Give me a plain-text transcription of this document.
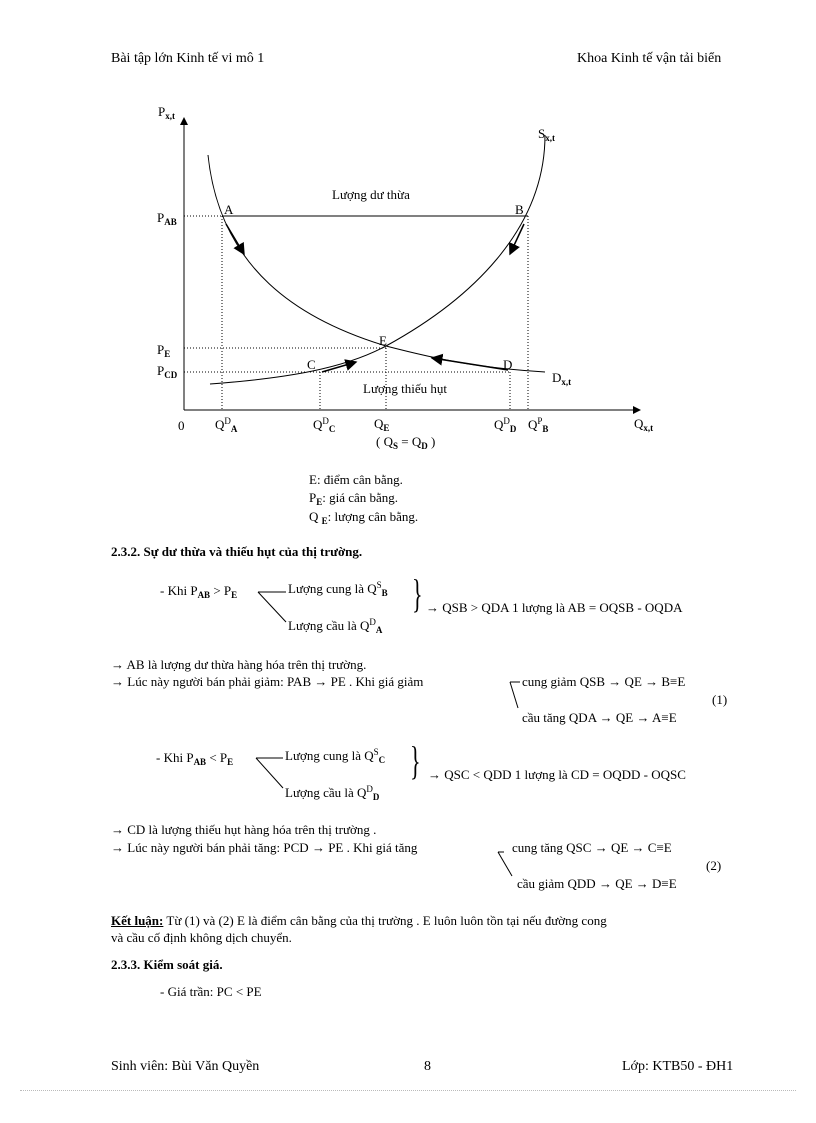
Bài tập lớn Kinh tế vi mô 1	Khoa Kinh tế vận tải biển
$P_{x,t}$
$S_{x,t}$
$D_{x,t}$
$Q_{x,t}$
0
Lượng dư thừa
Lượng thiếu hụt
A	B
E
C	D
$P_{AB}$
$P_E$
$P_{CD}$
$Q^D_A$	$Q^D_C$	$Q_E$	$Q^D_D$ $Q^P_B$
( $Q_S = Q_D$ )
E: điểm cân bằng.
$P_E$: giá cân bằng.
Q $_E$: lượng cân bằng.
2.3.2. Sự dư thừa và thiếu hụt của thị trường.
- Khi $P_{AB} > P_E$	Lượng cung là $Q^S_B$
Lượng cầu là $Q^D_A$
} → QSB > QDA 1 lượng là AB = OQSB - OQDA
→ AB là lượng dư thừa hàng hóa trên thị trường.
→ Lúc này người bán phải giảm: PAB → PE . Khi giá giảm	cung giảm QSB → QE → B≡E
(1)
cầu tăng QDA → QE → A≡E
- Khi $P_{AB} < P_E$	Lượng cung là $Q^S_C$
Lượng cầu là $Q^D_D$
} → QSC < QDD 1 lượng là CD = OQDD - OQSC
→ CD là lượng thiếu hụt hàng hóa trên thị trường .
→ Lúc này người bán phải tăng: PCD → PE . Khi giá tăng	cung tăng QSC → QE → C≡E
(2)
cầu giảm QDD → QE → D≡E
Kết luận: Từ (1) và (2) E là điểm cân bằng của thị trường . E luôn luôn tồn tại nếu đường cong
và cầu cố định không dịch chuyển.
2.3.3. Kiểm soát giá.
- Giá trần: PC < PE
Sinh viên: Bùi Văn Quyền	8	Lớp: KTB50 - ĐH1
